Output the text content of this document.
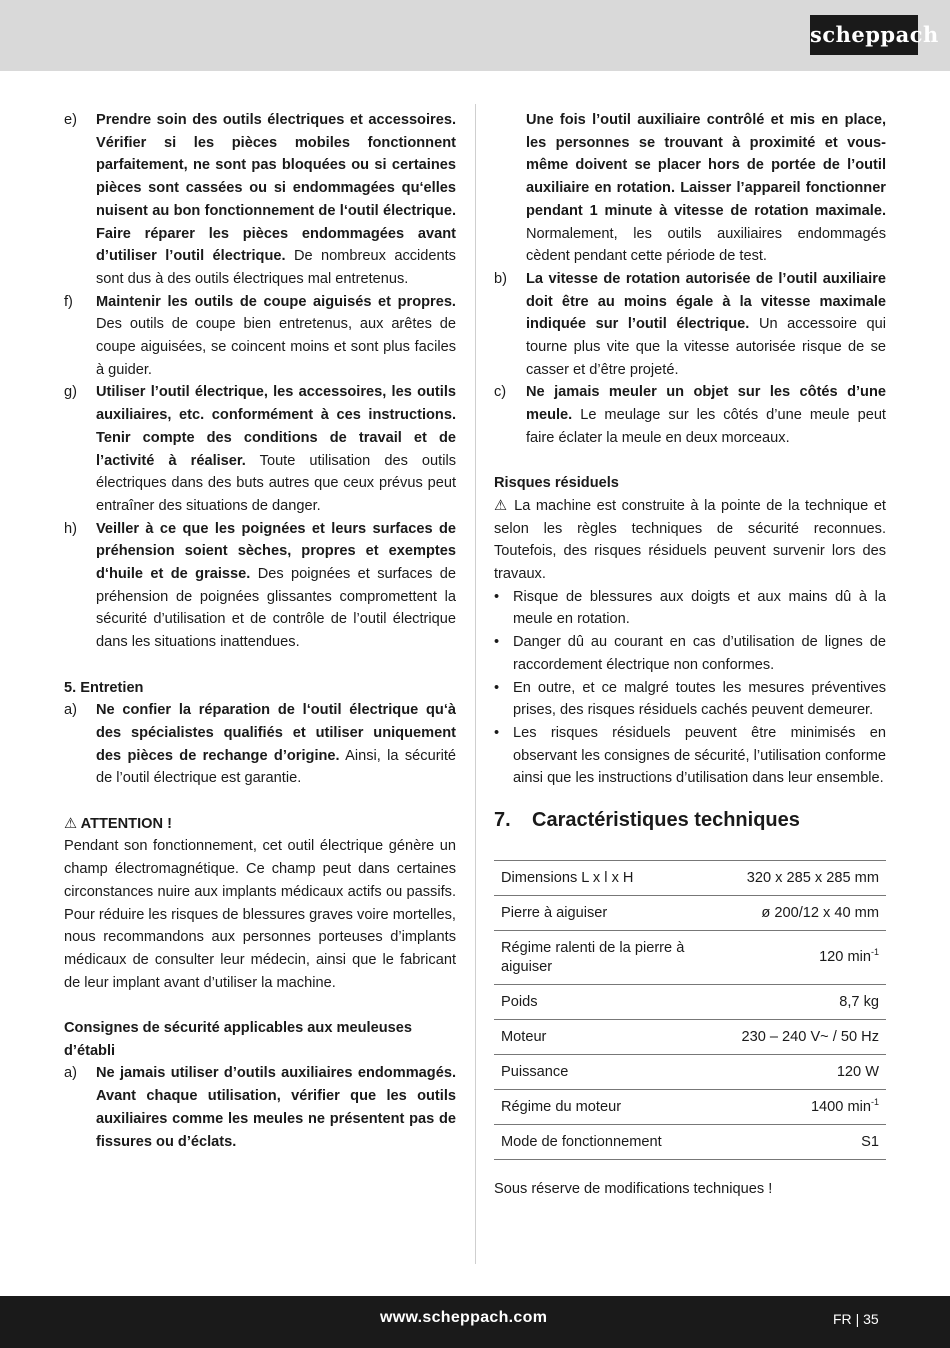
scheppach
e)	Prendre soin des outils électriques et accessoires. Vérifier si les pièces mobiles fonctionnent parfaitement, ne sont pas bloquées ou si certaines pièces sont cassées ou si endommagées qu‘elles nuisent au bon fonctionnement de l‘outil électrique. Faire réparer les pièces endommagées avant d’utiliser l’outil électrique. De nombreux accidents sont dus à des outils électriques mal entretenus.
f)	Maintenir les outils de coupe aiguisés et propres. Des outils de coupe bien entretenus, aux arêtes de coupe aiguisées, se coincent moins et sont plus faciles à guider.
g)	Utiliser l’outil électrique, les accessoires, les outils auxiliaires, etc. conformément à ces instructions. Tenir compte des conditions de travail et de l’activité à réaliser. Toute utilisation des outils électriques dans des buts autres que ceux prévus peut entraîner des situations de danger.
h)	Veiller à ce que les poignées et leurs surfaces de préhension soient sèches, propres et exemptes d‘huile et de graisse. Des poignées et surfaces de préhension de poignées glissantes compromettent la sécurité d’utilisation et de contrôle de l’outil électrique dans les situations inattendues.
5. Entretien
a)	Ne confier la réparation de l‘outil électrique qu‘à des spécialistes qualifiés et utiliser uniquement des pièces de rechange d’origine. Ainsi, la sécurité de l’outil électrique est garantie.
⚠ ATTENTION !
Pendant son fonctionnement, cet outil électrique génère un champ électromagnétique. Ce champ peut dans certaines circonstances nuire aux implants médicaux actifs ou passifs. Pour réduire les risques de blessures graves voire mortelles, nous recommandons aux personnes porteuses d’implants médicaux de consulter leur médecin, ainsi que le fabricant de leur implant avant d’utiliser la machine.
Consignes de sécurité applicables aux meuleuses d’établi
a)	Ne jamais utiliser d’outils auxiliaires endommagés. Avant chaque utilisation, vérifier que les outils auxiliaires comme les meules ne présentent pas de fissures ou d’éclats.
Une fois l’outil auxiliaire contrôlé et mis en place, les personnes se trouvant à proximité et vous-même doivent se placer hors de portée de l’outil auxiliaire en rotation. Laisser l’appareil fonctionner pendant 1 minute à vitesse de rotation maximale. Normalement, les outils auxiliaires endommagés cèdent pendant cette période de test.
b)	La vitesse de rotation autorisée de l’outil auxiliaire doit être au moins égale à la vitesse maximale indiquée sur l’outil électrique. Un accessoire qui tourne plus vite que la vitesse autorisée risque de se casser et d’être projeté.
c)	Ne jamais meuler un objet sur les côtés d’une meule. Le meulage sur les côtés d’une meule peut faire éclater la meule en deux morceaux.
Risques résiduels
⚠ La machine est construite à la pointe de la technique et selon les règles techniques de sécurité reconnues. Toutefois, des risques résiduels peuvent survenir lors des travaux.
• Risque de blessures aux doigts et aux mains dû à la meule en rotation.
• Danger dû au courant en cas d’utilisation de lignes de raccordement électrique non conformes.
• En outre, et ce malgré toutes les mesures préventives prises, des risques résiduels cachés peuvent demeurer.
• Les risques résiduels peuvent être minimisés en observant les consignes de sécurité, l’utilisation conforme ainsi que les instructions d’utilisation dans leur ensemble.
7.	Caractéristiques techniques
Dimensions L x l x H	320 x 285 x 285 mm
Pierre à aiguiser	ø 200/12 x 40 mm
Régime ralenti de la pierre à aiguiser	120 $\min^{-1}$
Poids	8,7 kg
Moteur	230 – 240 V~ / 50 Hz
Puissance	120 W
Régime du moteur	1400 $\min^{-1}$
Mode de fonctionnement	S1
Sous réserve de modifications techniques !
www.scheppach.com	FR | 35
